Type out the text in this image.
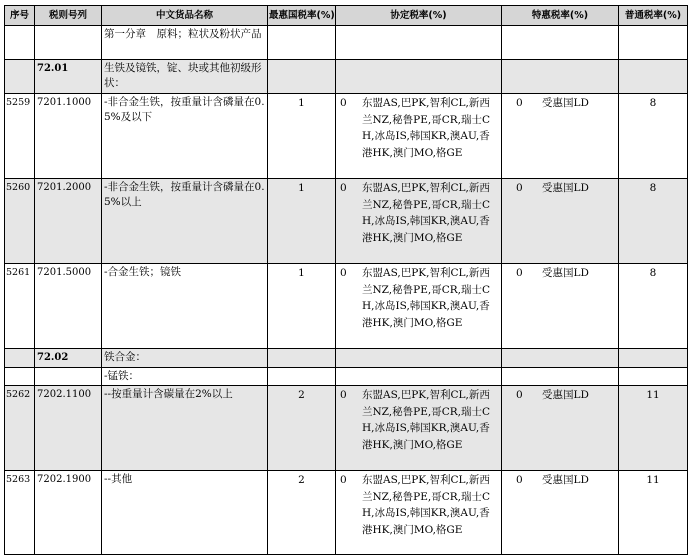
序号	税则号列	中文货品名称	最惠国税率(%)	协定税率(%)	特惠税率(%)	普通税率(%)
		第一分章　原料；粒状及粉状产品				
	72.01	生铁及镜铁，锭、块或其他初级形状：				
5259	7201.1000	-非合金生铁，按重量计含磷量在0.5%及以下	1	0 东盟AS,巴PK,智利CL,新西兰NZ,秘鲁PE,哥CR,瑞士CH,冰岛IS,韩国KR,澳AU,香港HK,澳门MO,格GE	0 受惠国LD	8
5260	7201.2000	-非合金生铁，按重量计含磷量在0.5%以上	1	0 东盟AS,巴PK,智利CL,新西兰NZ,秘鲁PE,哥CR,瑞士CH,冰岛IS,韩国KR,澳AU,香港HK,澳门MO,格GE	0 受惠国LD	8
5261	7201.5000	-合金生铁；镜铁	1	0 东盟AS,巴PK,智利CL,新西兰NZ,秘鲁PE,哥CR,瑞士CH,冰岛IS,韩国KR,澳AU,香港HK,澳门MO,格GE	0 受惠国LD	8
	72.02	铁合金：				
		-锰铁：				
5262	7202.1100	--按重量计含碳量在2%以上	2	0 东盟AS,巴PK,智利CL,新西兰NZ,秘鲁PE,哥CR,瑞士CH,冰岛IS,韩国KR,澳AU,香港HK,澳门MO,格GE	0 受惠国LD	11
5263	7202.1900	--其他	2	0 东盟AS,巴PK,智利CL,新西兰NZ,秘鲁PE,哥CR,瑞士CH,冰岛IS,韩国KR,澳AU,香港HK,澳门MO,格GE	0 受惠国LD	11
